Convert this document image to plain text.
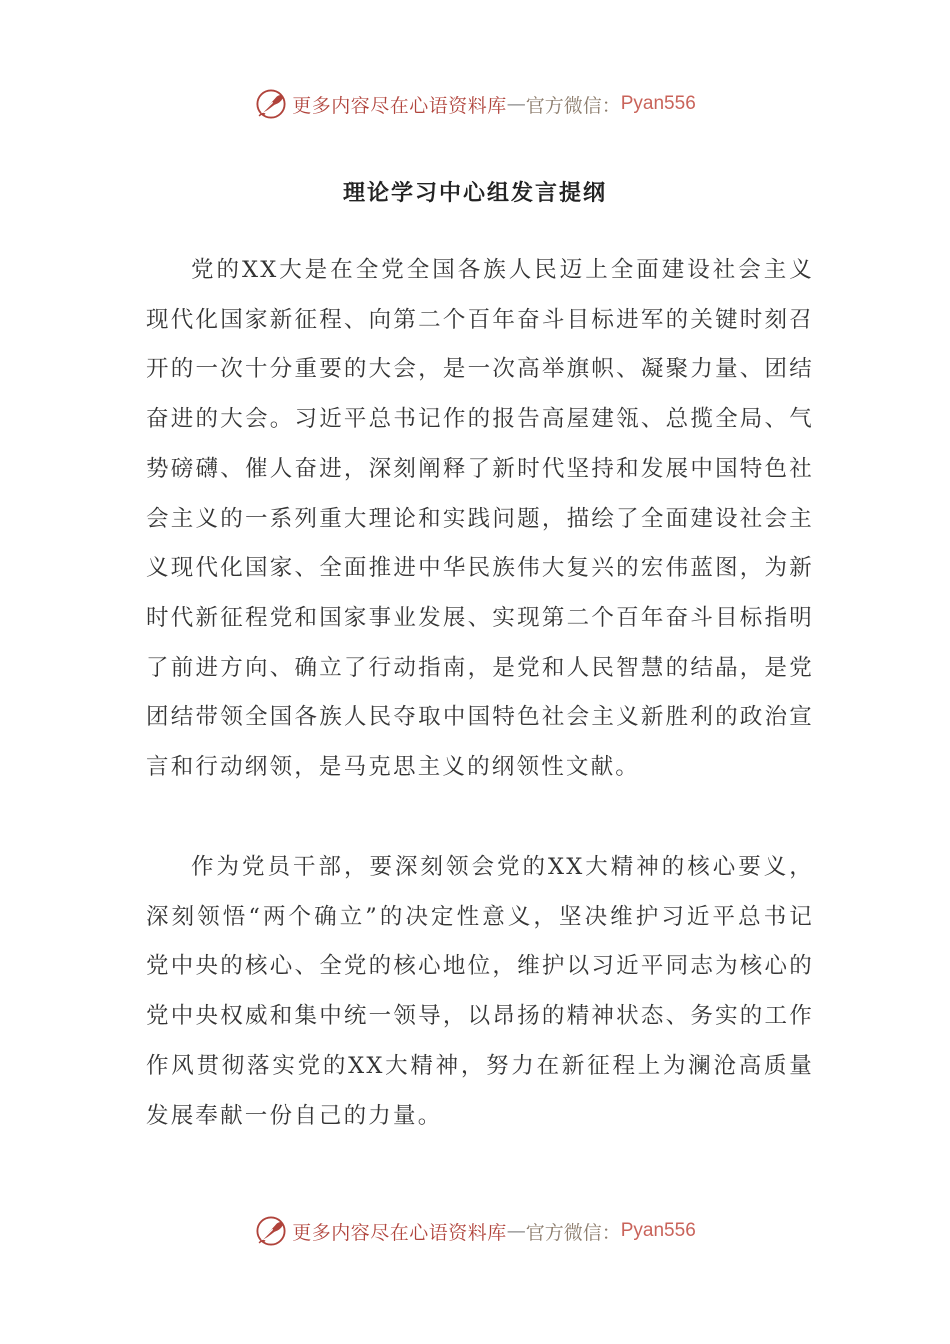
更多内容尽在心语资料库 — 官方微信： Pyan556
理论学习中心组发言提纲

党的XX大是在全党全国各族人民迈上全面建设社会主义现代化国家新征程、向第二个百年奋斗目标进军的关键时刻召开的一次十分重要的大会，是一次高举旗帜、凝聚力量、团结奋进的大会。习近平总书记作的报告高屋建瓴、总揽全局、气势磅礴、催人奋进，深刻阐释了新时代坚持和发展中国特色社会主义的一系列重大理论和实践问题，描绘了全面建设社会主义现代化国家、全面推进中华民族伟大复兴的宏伟蓝图，为新时代新征程党和国家事业发展、实现第二个百年奋斗目标指明了前进方向、确立了行动指南，是党和人民智慧的结晶，是党团结带领全国各族人民夺取中国特色社会主义新胜利的政治宣言和行动纲领，是马克思主义的纲领性文献。

作为党员干部，要深刻领会党的XX大精神的核心要义，深刻领悟“两个确立”的决定性意义，坚决维护习近平总书记党中央的核心、全党的核心地位，维护以习近平同志为核心的党中央权威和集中统一领导，以昂扬的精神状态、务实的工作作风贯彻落实党的XX大精神，努力在新征程上为澜沧高质量发展奉献一份自己的力量。

更多内容尽在心语资料库 — 官方微信： Pyan556
